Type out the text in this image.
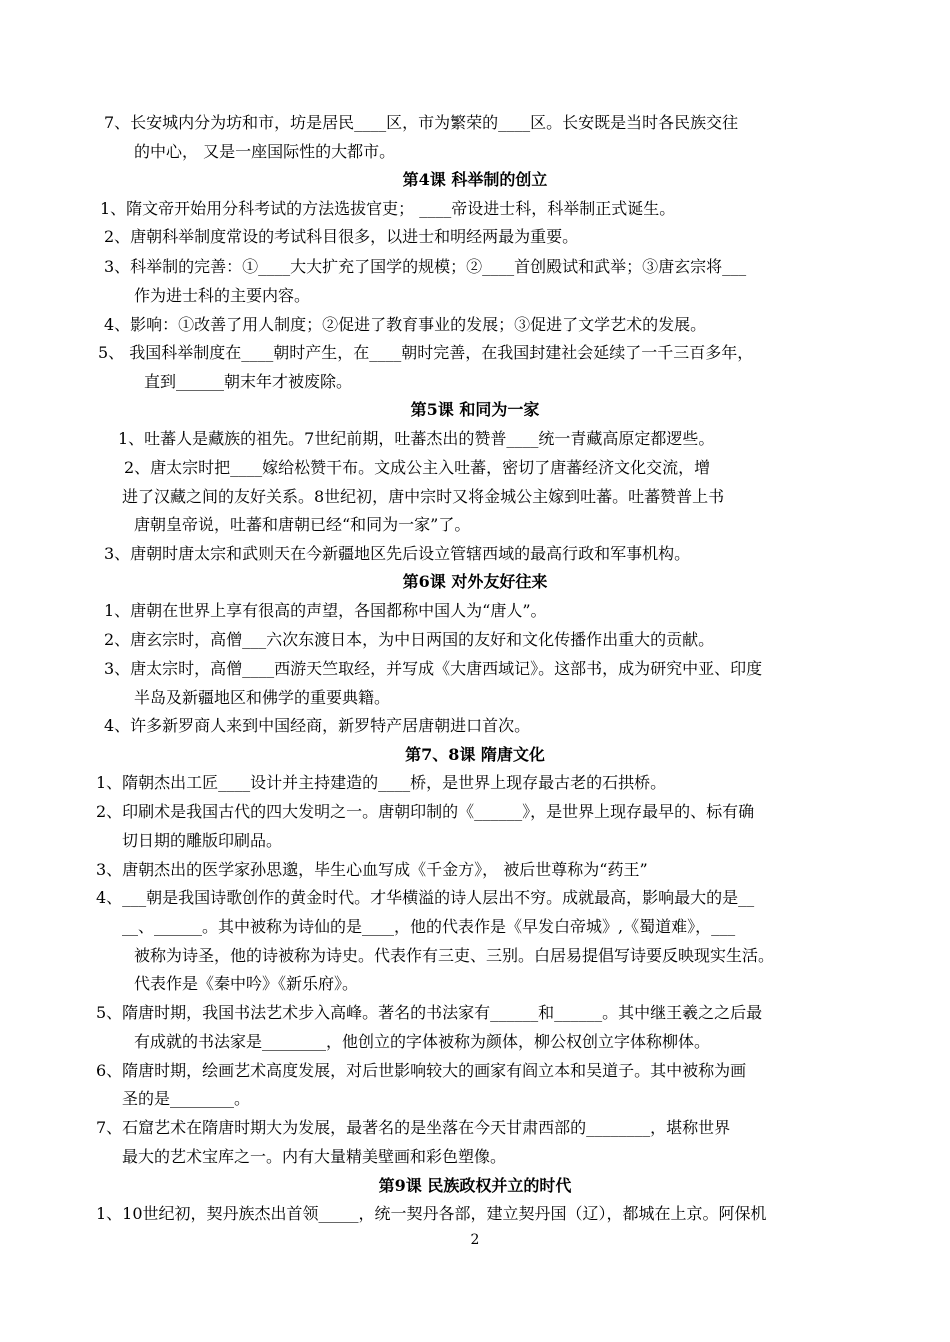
7、长安城内分为坊和市，坊是居民____区，市为繁荣的____区。长安既是当时各民族交往
的中心， 又是一座国际性的大都市。
第4课 科举制的创立
1、隋文帝开始用分科考试的方法选拔官吏； ____帝设进士科，科举制正式诞生。
2、唐朝科举制度常设的考试科目很多，以进士和明经两最为重要。
3、科举制的完善：①____大大扩充了国学的规模；②____首创殿试和武举；③唐玄宗将___
作为进士科的主要内容。
4、影响：①改善了用人制度；②促进了教育事业的发展；③促进了文学艺术的发展。
5、 我国科举制度在____朝时产生，在____朝时完善，在我国封建社会延续了一千三百多年，
直到______朝末年才被废除。
第5课 和同为一家
1、吐蕃人是藏族的祖先。7世纪前期，吐蕃杰出的赞普____统一青藏高原定都逻些。
2、唐太宗时把____嫁给松赞干布。文成公主入吐蕃，密切了唐蕃经济文化交流，增
进了汉藏之间的友好关系。8世纪初，唐中宗时又将金城公主嫁到吐蕃。吐蕃赞普上书
唐朝皇帝说，吐蕃和唐朝已经“和同为一家”了。
3、唐朝时唐太宗和武则天在今新疆地区先后设立管辖西域的最高行政和军事机构。
第6课 对外友好往来
1、唐朝在世界上享有很高的声望，各国都称中国人为“唐人”。
2、唐玄宗时，高僧___六次东渡日本，为中日两国的友好和文化传播作出重大的贡献。
3、唐太宗时，高僧____西游天竺取经，并写成《大唐西域记》。这部书，成为研究中亚、印度
半岛及新疆地区和佛学的重要典籍。
4、许多新罗商人来到中国经商，新罗特产居唐朝进口首次。
第7、8课 隋唐文化
1、隋朝杰出工匠____设计并主持建造的____桥，是世界上现存最古老的石拱桥。
2、印刷术是我国古代的四大发明之一。唐朝印制的《______》，是世界上现存最早的、标有确
切日期的雕版印刷品。
3、唐朝杰出的医学家孙思邈，毕生心血写成《千金方》， 被后世尊称为“药王”
4、___朝是我国诗歌创作的黄金时代。才华横溢的诗人层出不穷。成就最高，影响最大的是__
__、______。其中被称为诗仙的是____，他的代表作是《早发白帝城》,《蜀道难》，___
被称为诗圣，他的诗被称为诗史。代表作有三吏、三别。白居易提倡写诗要反映现实生活。
代表作是《秦中吟》《新乐府》。
5、隋唐时期，我国书法艺术步入高峰。著名的书法家有______和______。其中继王羲之之后最
有成就的书法家是________，他创立的字体被称为颜体，柳公权创立字体称柳体。
6、隋唐时期，绘画艺术高度发展，对后世影响较大的画家有阎立本和吴道子。其中被称为画
圣的是________。
7、石窟艺术在隋唐时期大为发展，最著名的是坐落在今天甘肃西部的________，堪称世界
最大的艺术宝库之一。内有大量精美壁画和彩色塑像。
第9课 民族政权并立的时代
1、10世纪初，契丹族杰出首领_____，统一契丹各部，建立契丹国（辽），都城在上京。阿保机
2
